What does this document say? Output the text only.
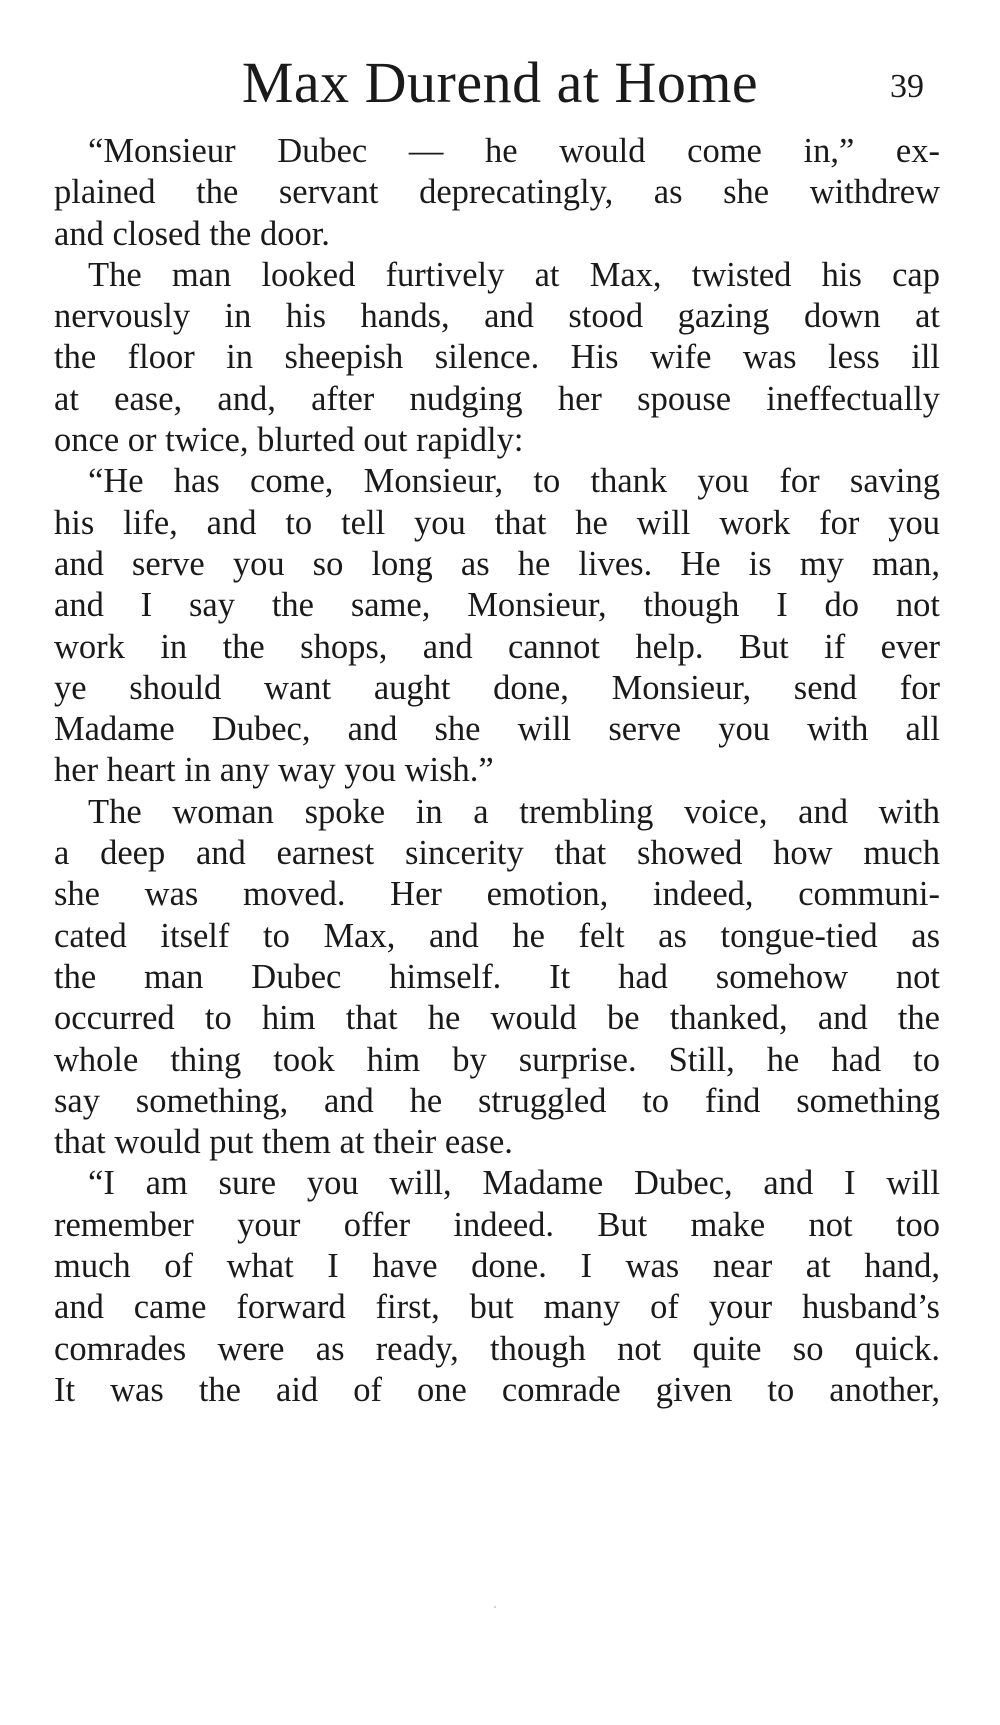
Max Durend at Home	39
“Monsieur Dubec — he would come in,” ex-
plained the servant deprecatingly, as she withdrew
and closed the door.
The man looked furtively at Max, twisted his cap
nervously in his hands, and stood gazing down at
the floor in sheepish silence. His wife was less ill
at ease, and, after nudging her spouse ineffectually
once or twice, blurted out rapidly:
“He has come, Monsieur, to thank you for saving
his life, and to tell you that he will work for you
and serve you so long as he lives. He is my man,
and I say the same, Monsieur, though I do not
work in the shops, and cannot help. But if ever
ye should want aught done, Monsieur, send for
Madame Dubec, and she will serve you with all
her heart in any way you wish.”
The woman spoke in a trembling voice, and with
a deep and earnest sincerity that showed how much
she was moved. Her emotion, indeed, communi-
cated itself to Max, and he felt as tongue-tied as
the man Dubec himself. It had somehow not
occurred to him that he would be thanked, and the
whole thing took him by surprise. Still, he had to
say something, and he struggled to find something
that would put them at their ease.
“I am sure you will, Madame Dubec, and I will
remember your offer indeed. But make not too
much of what I have done. I was near at hand,
and came forward first, but many of your husband’s
comrades were as ready, though not quite so quick.
It was the aid of one comrade given to another,
